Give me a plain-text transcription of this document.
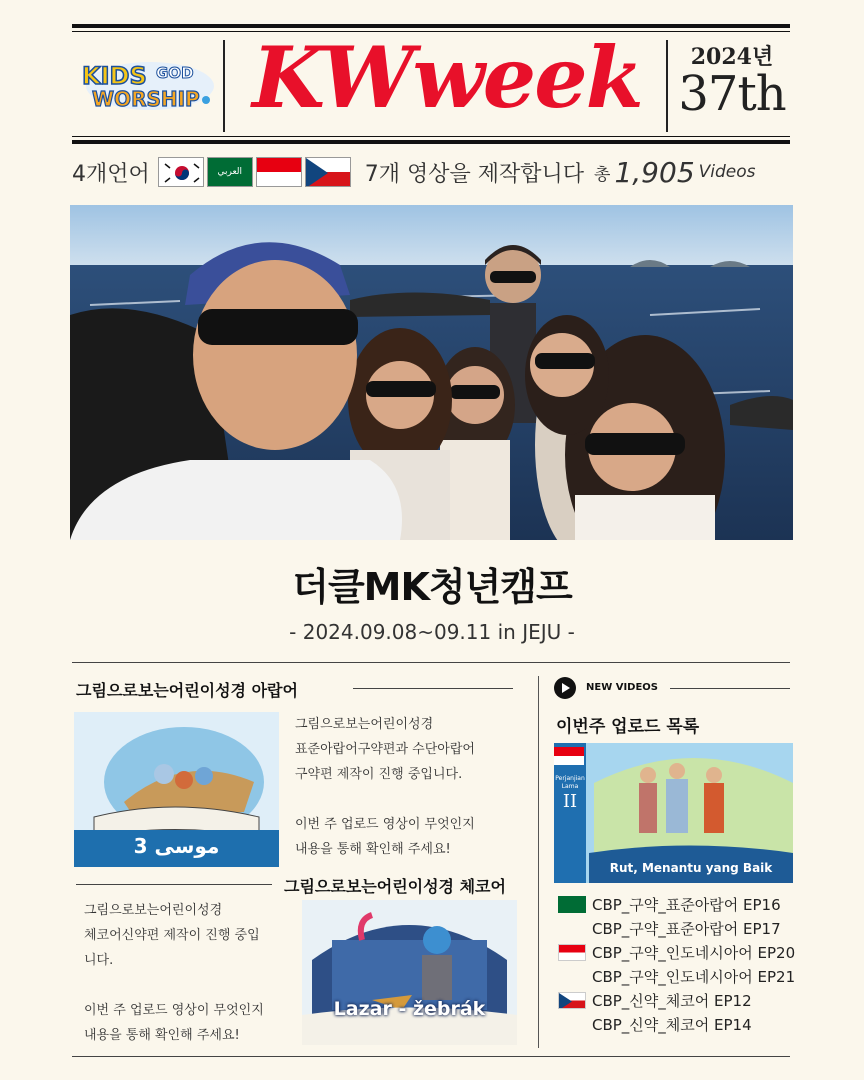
KIDS GOD
WORSHIP KWweek	2024년
37th
4개언어	العربي	7개 영상을 제작합니다 총 1,905 Videos
더클MK청년캠프
- 2024.09.08~09.11 in JEJU -
그림으로보는어린이성경 아랍어
موسى 3
그림으로보는어린이성경
표준아랍어구약편과 수단아랍어
구약편 제작이 진행 중입니다.

이번 주 업로드 영상이 무엇인지
내용을 통해 확인해 주세요!
그림으로보는어린이성경
체코어신약편 제작이 진행 중입
니다.

이번 주 업로드 영상이 무엇인지
내용을 통해 확인해 주세요!
그림으로보는어린이성경 체코어
Lazar - žebrák
NEW VIDEOS
이번주 업로드 목록
Perjanjian
Lama
II
Rut, Menantu yang Baik
CBP_구약_표준아랍어 EP16
CBP_구약_표준아랍어 EP17
CBP_구약_인도네시아어 EP20
CBP_구약_인도네시아어 EP21
CBP_신약_체코어 EP12
CBP_신약_체코어 EP14
